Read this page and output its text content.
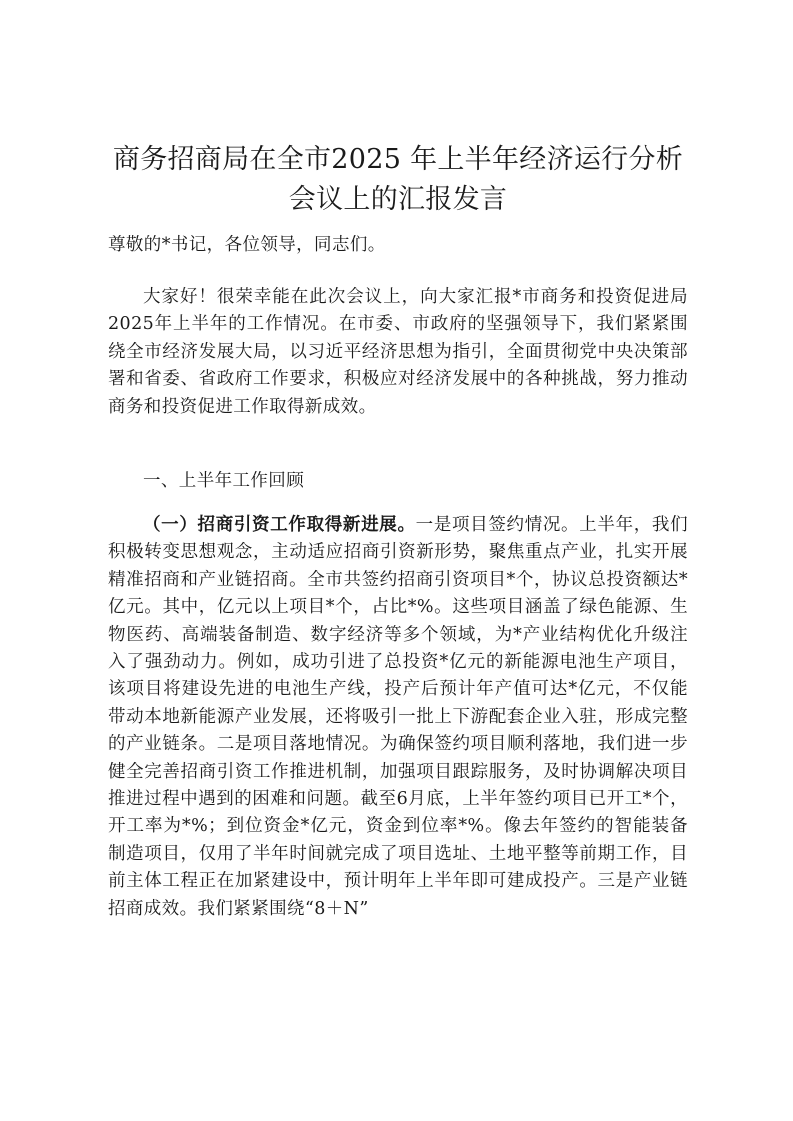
商务招商局在全市2025 年上半年经济运行分析会议上的汇报发言

尊敬的*书记，各位领导，同志们。

大家好！很荣幸能在此次会议上，向大家汇报*市商务和投资促进局2025年上半年的工作情况。在市委、市政府的坚强领导下，我们紧紧围绕全市经济发展大局，以习近平经济思想为指引，全面贯彻党中央决策部署和省委、省政府工作要求，积极应对经济发展中的各种挑战，努力推动商务和投资促进工作取得新成效。

一、上半年工作回顾

（一）招商引资工作取得新进展。一是项目签约情况。上半年，我们积极转变思想观念，主动适应招商引资新形势，聚焦重点产业，扎实开展精准招商和产业链招商。全市共签约招商引资项目*个，协议总投资额达*亿元。其中，亿元以上项目*个，占比*%。这些项目涵盖了绿色能源、生物医药、高端装备制造、数字经济等多个领域，为*产业结构优化升级注入了强劲动力。例如，成功引进了总投资*亿元的新能源电池生产项目，该项目将建设先进的电池生产线，投产后预计年产值可达*亿元，不仅能带动本地新能源产业发展，还将吸引一批上下游配套企业入驻，形成完整的产业链条。二是项目落地情况。为确保签约项目顺利落地，我们进一步健全完善招商引资工作推进机制，加强项目跟踪服务，及时协调解决项目推进过程中遇到的困难和问题。截至6月底，上半年签约项目已开工*个，开工率为*%；到位资金*亿元，资金到位率*%。像去年签约的智能装备制造项目，仅用了半年时间就完成了项目选址、土地平整等前期工作，目前主体工程正在加紧建设中，预计明年上半年即可建成投产。三是产业链招商成效。我们紧紧围绕“8＋N”
